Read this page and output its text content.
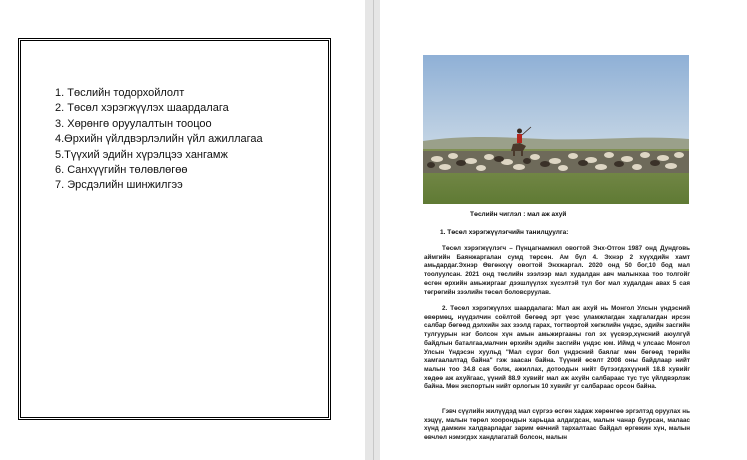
1. Төслийн тодорхойлолт
2. Төсөл хэрэгжүүлэх шаардалага
3. Хөрөнгө оруулалтын тооцоо
4.Өрхийн үйлдвэрлэлийн үйл ажиллагаа
5.Түүхий эдийн хүрэлцээ хангамж
6. Санхүүгийн төлөвлөгөө
7. Эрсдэлийн шинжилгээ
Төслийн чиглэл : мал аж ахуй
1. Төсөл хэрэгжүүлэгчийн танилцуулга:

Төсөл хэрэгжүүлэгч – Пүнцагнамжил овогтой Энх-Отгон 1987 онд Дундговь аймгийн Баянжаргалан сумд төрсөн. Ам бүл 4. Эхнэр 2 хүүхдийн хамт амьдардаг.Эхнэр Өвгөнхүү овогтой Энхжаргал. 2020 онд 50 бог,10 бод мал тоолуулсан. 2021 онд төслийн зээлээр мал худалдан авч малынхаа тоо толгойг өсгөн өрхийн амьжиргааг дээшлүүлэх хүсэлтэй тул бог мал худалдан авах 5 сая төгрөгийн зээлийн төсөл боловсруулав.

2. Төсөл хэрэгжүүлэх шаардалага: Мал аж ахуй нь Монгол Улсын үндэсний өвөрмөц, нүүдэлчин соёлтой бөгөөд эрт үеэс уламжлагдан хадгалагдан ирсэн салбар бөгөөд дэлхийн зах зээлд гарах, тогтвортой хөгжлийн үндэс, эдийн засгийн тулгуурын нэг болсон хүн амын амьжиргааны гол эх үүсвэр,хүнсний аюулгүй байдлын баталгаа,малчин өрхийн эдийн засгийн үндэс юм. Иймд ч улсаас Монгол Улсын Үндэсэн хуульд "Мал сүрэг бол үндэсний баялаг мөн бөгөөд төрийн хамгаалалтад байна" гэж заасан байна. Түүний өсөлт 2008 оны байдлаар нийт малын тоо 34.8 сая болж, ажиллах, дотоодын нийт бүтээгдэхүүний 18.8 хувийг хөдөө аж ахуйгаас, үүний 88.9 хувийг мал аж ахуйн салбараас тус тус үйлдвэрлэж байна. Мөн экспортын нийт орлогын 10 хувийг уг салбараас орсон байна.

Гэвч сүүлийн жилүүдэд мал сүргээ өсгөн хадаж хөрөнгөө эргэлтэд оруулах нь хэцүү, малын төрөл хоорондын харьцаа алдагдсан, малын чанар буурсан, малаас хүнд дамжин халдварладаг зарим өвчний тархалтаас байдал өргөжин хүн, малын өвчлөл нэмэгдэх хандлагатай болсон, малын
